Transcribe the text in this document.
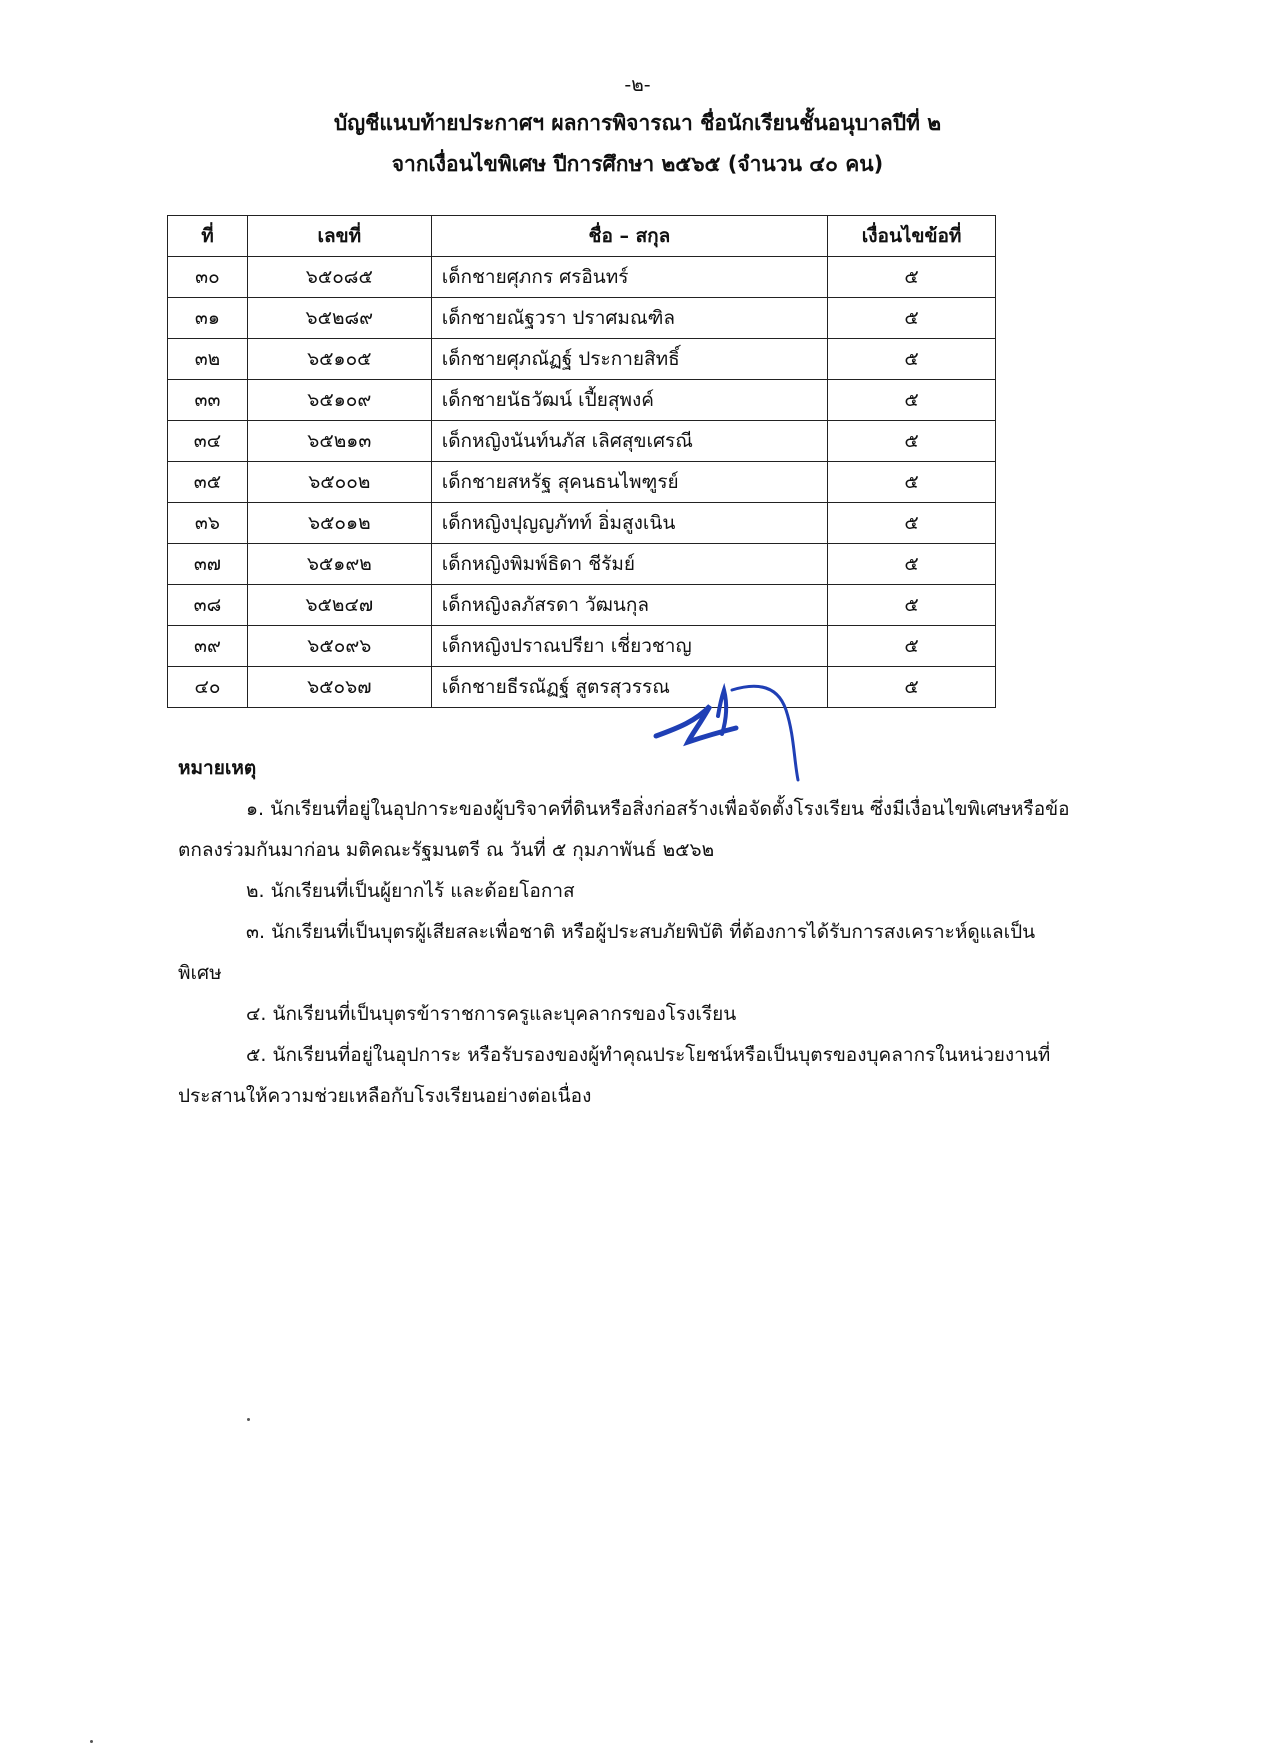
-๒-
บัญชีแนบท้ายประกาศฯ ผลการพิจารณา ชื่อนักเรียนชั้นอนุบาลปีที่ ๒
จากเงื่อนไขพิเศษ ปีการศึกษา ๒๕๖๕ (จำนวน ๔๐ คน)
ที่	เลขที่	ชื่อ – สกุล	เงื่อนไขข้อที่
๓๐	๖๕๐๘๕	เด็กชายศุภกร ศรอินทร์	๕
๓๑	๖๕๒๘๙	เด็กชายณัฐวรา ปราศมณฑิล	๕
๓๒	๖๕๑๐๕	เด็กชายศุภณัฏฐ์ ประกายสิทธิ์	๕
๓๓	๖๕๑๐๙	เด็กชายนัธวัฒน์ เปี้ยสุพงค์	๕
๓๔	๖๕๒๑๓	เด็กหญิงนันท์นภัส เลิศสุขเศรณี	๕
๓๕	๖๕๐๐๒	เด็กชายสหรัฐ สุคนธนไพฑูรย์	๕
๓๖	๖๕๐๑๒	เด็กหญิงปุญญภัทท์ อิ่มสูงเนิน	๕
๓๗	๖๕๑๙๒	เด็กหญิงพิมพ์ธิดา ชีรัมย์	๕
๓๘	๖๕๒๔๗	เด็กหญิงลภัสรดา วัฒนกุล	๕
๓๙	๖๕๐๙๖	เด็กหญิงปราณปรียา เชี่ยวชาญ	๕
๔๐	๖๕๐๖๗	เด็กชายธีรณัฏฐ์ สูตรสุวรรณ	๕
หมายเหตุ
๑. นักเรียนที่อยู่ในอุปการะของผู้บริจาคที่ดินหรือสิ่งก่อสร้างเพื่อจัดตั้งโรงเรียน ซึ่งมีเงื่อนไขพิเศษหรือข้อตกลงร่วมกันมาก่อน มติคณะรัฐมนตรี ณ วันที่ ๕ กุมภาพันธ์ ๒๕๖๒
๒. นักเรียนที่เป็นผู้ยากไร้ และด้อยโอกาส
๓. นักเรียนที่เป็นบุตรผู้เสียสละเพื่อชาติ หรือผู้ประสบภัยพิบัติ ที่ต้องการได้รับการสงเคราะห์ดูแลเป็นพิเศษ
๔. นักเรียนที่เป็นบุตรข้าราชการครูและบุคลากรของโรงเรียน
๕. นักเรียนที่อยู่ในอุปการะ หรือรับรองของผู้ทำคุณประโยชน์หรือเป็นบุตรของบุคลากรในหน่วยงานที่ประสานให้ความช่วยเหลือกับโรงเรียนอย่างต่อเนื่อง
